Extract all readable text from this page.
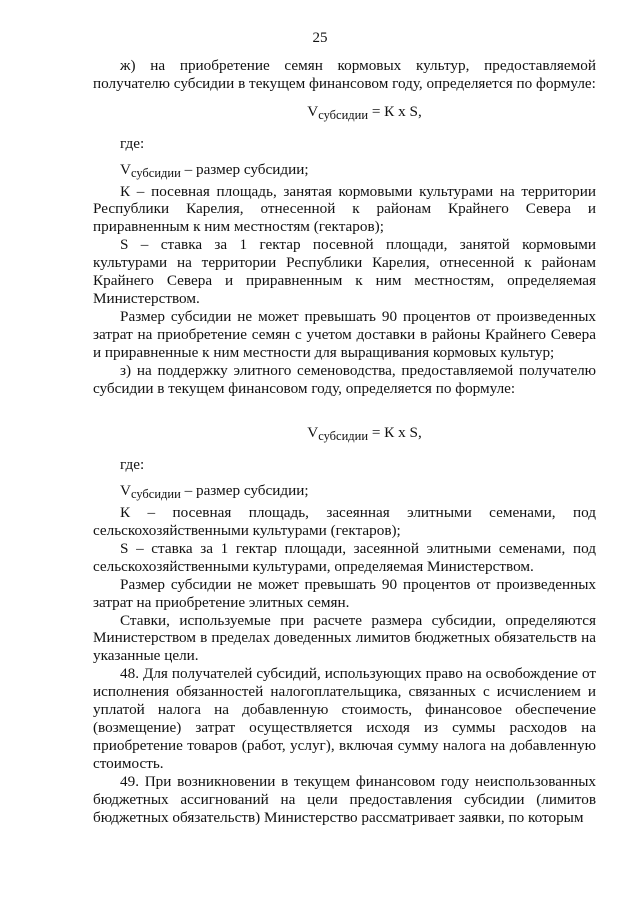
25

ж) на приобретение семян кормовых культур, предоставляемой получателю субсидии в текущем финансовом году, определяется по формуле:

$V_{субсидии} = К$ х S,

где:

$V_{субсидии}$ – размер субсидии;

К – посевная площадь, занятая кормовыми культурами на территории Республики Карелия, отнесенной к районам Крайнего Севера и приравненным к ним местностям (гектаров);

S – ставка за 1 гектар посевной площади, занятой кормовыми культурами на территории Республики Карелия, отнесенной к районам Крайнего Севера и приравненным к ним местностям, определяемая Министерством.

Размер субсидии не может превышать 90 процентов от произведенных затрат на приобретение семян с учетом доставки в районы Крайнего Севера и приравненные к ним местности для выращивания кормовых культур;

з) на поддержку элитного семеноводства, предоставляемой получателю субсидии в текущем финансовом году, определяется по формуле:

$V_{субсидии} = К$ х S,

где:

$V_{субсидии}$ – размер субсидии;

К – посевная площадь, засеянная элитными семенами, под сельскохозяйственными культурами (гектаров);

S – ставка за 1 гектар площади, засеянной элитными семенами, под сельскохозяйственными культурами, определяемая Министерством.

Размер субсидии не может превышать 90 процентов от произведенных затрат на приобретение элитных семян.

Ставки, используемые при расчете размера субсидии, определяются Министерством в пределах доведенных лимитов бюджетных обязательств на указанные цели.

48. Для получателей субсидий, использующих право на освобождение от исполнения обязанностей налогоплательщика, связанных с исчислением и уплатой налога на добавленную стоимость, финансовое обеспечение (возмещение) затрат осуществляется исходя из суммы расходов на приобретение товаров (работ, услуг), включая сумму налога на добавленную стоимость.

49. При возникновении в текущем финансовом году неиспользованных бюджетных ассигнований на цели предоставления субсидии (лимитов бюджетных обязательств) Министерство рассматривает заявки, по которым
